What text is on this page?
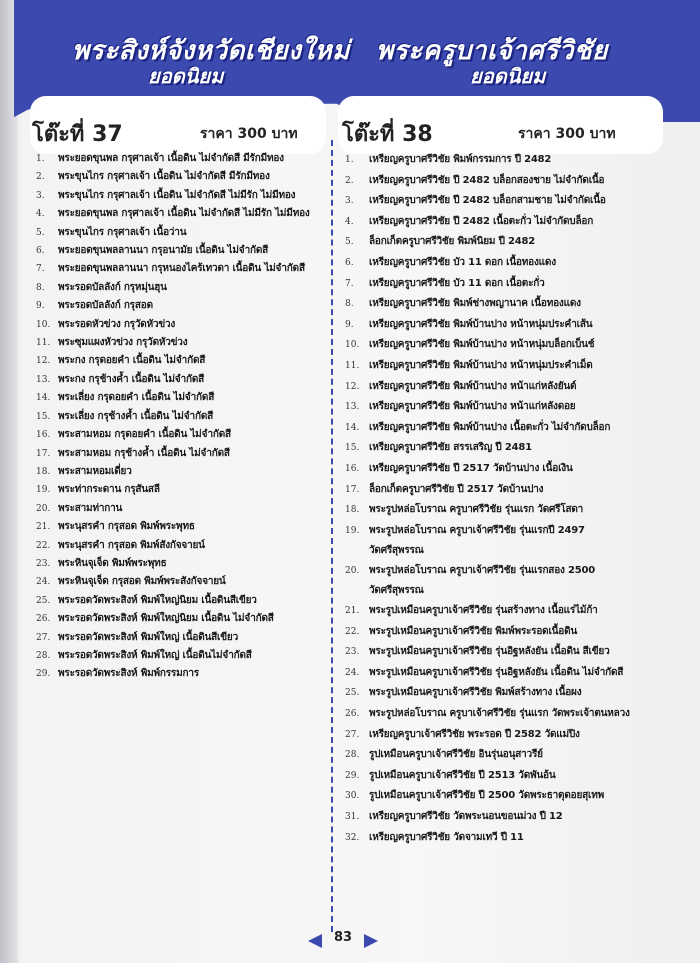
พระสิงห์จังหวัดเชียงใหม่
ยอดนิยม
พระครูบาเจ้าศรีวิชัย
ยอดนิยม
โต๊ะที่ 37	ราคา 300 บาท โต๊ะที่ 38	ราคา 300 บาท
1. พระยอดขุนพล กรุศาลเจ้า เนื้อดิน ไม่จำกัดสี มีรักมีทอง
2. พระขุนไกร กรุศาลเจ้า เนื้อดิน ไม่จำกัดสี มีรักมีทอง
3. พระขุนไกร กรุศาลเจ้า เนื้อดิน ไม่จำกัดสี ไม่มีรัก ไม่มีทอง
4. พระยอดขุนพล กรุศาลเจ้า เนื้อดิน ไม่จำกัดสี ไม่มีรัก ไม่มีทอง
5. พระขุนไกร กรุศาลเจ้า เนื้อว่าน
6. พระยอดขุนพลลานนา กรุอนามัย เนื้อดิน ไม่จำกัดสี
7. พระยอดขุนพลลานนา กรุหนองไคร้เทวดา เนื้อดิน ไม่จำกัดสี
8. พระรอดบัลลังก์ กรุหมุ่นฮุน
9. พระรอดบัลลังก์ กรุสอด
10. พระรอดหัวข่วง กรุวัดหัวข่วง
11. พระซุมแผงหัวข่วง กรุวัดหัวข่วง
12. พระกง กรุดอยคำ เนื้อดิน ไม่จำกัดสี
13. พระกง กรุช้างค้ำ เนื้อดิน ไม่จำกัดสี
14. พระเลี่ยง กรุดอยคำ เนื้อดิน ไม่จำกัดสี
15. พระเลี่ยง กรุช้างค้ำ เนื้อดิน ไม่จำกัดสี
16. พระสามหอม กรุดอยคำ เนื้อดิน ไม่จำกัดสี
17. พระสามหอม กรุช้างค้ำ เนื้อดิน ไม่จำกัดสี
18. พระสามหอมเดี่ยว
19. พระท่ากระดาน กรุสันสลี
20. พระสามท่ากาน
21. พระนุสรคำ กรุสอด พิมพ์พระพุทธ
22. พระนุสรคำ กรุสอด พิมพ์สังกัจจายน์
23. พระหินจุเจ็ด พิมพ์พระพุทธ
24. พระหินจุเจ็ด กรุสอด พิมพ์พระสังกัจจายน์
25. พระรอดวัดพระสิงห์ พิมพ์ใหญ่นิยม เนื้อดินสีเขียว
26. พระรอดวัดพระสิงห์ พิมพ์ใหญ่นิยม เนื้อดิน ไม่จำกัดสี
27. พระรอดวัดพระสิงห์ พิมพ์ใหญ่ เนื้อดินสีเขียว
28. พระรอดวัดพระสิงห์ พิมพ์ใหญ่ เนื้อดินไม่จำกัดสี
29. พระรอดวัดพระสิงห์ พิมพ์กรรมการ
1. เหรียญครูบาศรีวิชัย พิมพ์กรรมการ ปี 2482
2. เหรียญครูบาศรีวิชัย ปี 2482 บล็อกสองชาย ไม่จำกัดเนื้อ
3. เหรียญครูบาศรีวิชัย ปี 2482 บล็อกสามชาย ไม่จำกัดเนื้อ
4. เหรียญครูบาศรีวิชัย ปี 2482 เนื้อตะกั่ว ไม่จำกัดบล็อก
5. ล็อกเก็ตครูบาศรีวิชัย พิมพ์นิยม ปี 2482
6. เหรียญครูบาศรีวิชัย บัว 11 ดอก เนื้อทองแดง
7. เหรียญครูบาศรีวิชัย บัว 11 ดอก เนื้อตะกั่ว
8. เหรียญครูบาศรีวิชัย พิมพ์ช่างพญานาค เนื้อทองแดง
9. เหรียญครูบาศรีวิชัย พิมพ์บ้านปาง หน้าหนุ่มประคำเส้น
10. เหรียญครูบาศรีวิชัย พิมพ์บ้านปาง หน้าหนุ่มบล็อกเบ็นช์
11. เหรียญครูบาศรีวิชัย พิมพ์บ้านปาง หน้าหนุ่มประคำเม็ด
12. เหรียญครูบาศรีวิชัย พิมพ์บ้านปาง หน้าแก่หลังยันต์
13. เหรียญครูบาศรีวิชัย พิมพ์บ้านปาง หน้าแก่หลังดอย
14. เหรียญครูบาศรีวิชัย พิมพ์บ้านปาง เนื้อตะกั่ว ไม่จำกัดบล็อก
15. เหรียญครูบาศรีวิชัย สรรเสริญ ปี 2481
16. เหรียญครูบาศรีวิชัย ปี 2517 วัดบ้านปาง เนื้อเงิน
17. ล็อกเก็ตครูบาศรีวิชัย ปี 2517 วัดบ้านปาง
18. พระรูปหล่อโบราณ ครูบาศรีวิชัย รุ่นแรก วัดศรีโสดา
19. พระรูปหล่อโบราณ ครูบาเจ้าศรีวิชัย รุ่นแรกปี 2497
วัดศรีสุพรรณ
20. พระรูปหล่อโบราณ ครูบาเจ้าศรีวิชัย รุ่นแรกสอง 2500
วัดศรีสุพรรณ
21. พระรูปเหมือนครูบาเจ้าศรีวิชัย รุ่นสร้างทาง เนื้อแร่ไม้ก้า
22. พระรูปเหมือนครูบาเจ้าศรีวิชัย พิมพ์พระรอดเนื้อดิน
23. พระรูปเหมือนครูบาเจ้าศรีวิชัย รุ่นอิฐหลังยัน เนื้อดิน สีเขียว
24. พระรูปเหมือนครูบาเจ้าศรีวิชัย รุ่นอิฐหลังยัน เนื้อดิน ไม่จำกัดสี
25. พระรูปเหมือนครูบาเจ้าศรีวิชัย พิมพ์สร้างทาง เนื้อผง
26. พระรูปหล่อโบราณ ครูบาเจ้าศรีวิชัย รุ่นแรก วัดพระเจ้าตนหลวง
27. เหรียญครูบาเจ้าศรีวิชัย พระรอด ปี 2582 วัดแม่ปิง
28. รูปเหมือนครูบาเจ้าศรีวิชัย อินรุ่นอนุสาวรีย์
29. รูปเหมือนครูบาเจ้าศรีวิชัย ปี 2513 วัดพันอ้น
30. รูปเหมือนครูบาเจ้าศรีวิชัย ปี 2500 วัดพระธาตุดอยสุเทพ
31. เหรียญครูบาศรีวิชัย วัดพระนอนขอนม่วง ปี 12
32. เหรียญครูบาศรีวิชัย วัดจามเทวี ปี 11
83
